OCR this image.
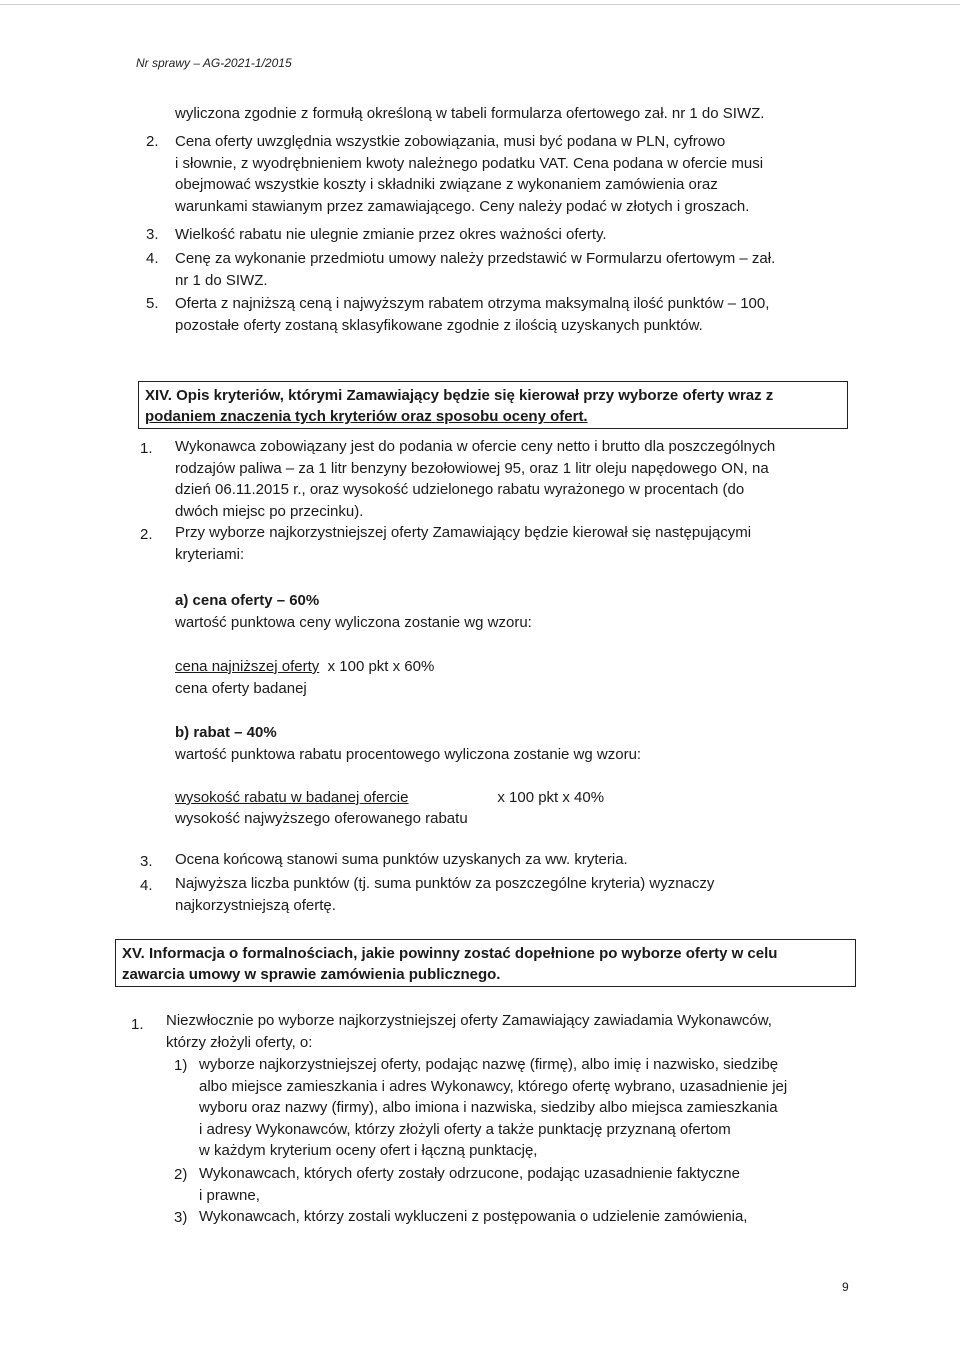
Nr sprawy – AG-2021-1/2015
wyliczona zgodnie z formułą określoną w tabeli formularza ofertowego zał. nr 1 do SIWZ.
2. Cena oferty uwzględnia wszystkie zobowiązania, musi być podana w PLN, cyfrowo
i słownie, z wyodrębnieniem kwoty należnego podatku VAT. Cena podana w ofercie musi
obejmować wszystkie koszty i składniki związane z wykonaniem zamówienia oraz
warunkami stawianym przez zamawiającego. Ceny należy podać w złotych i groszach.
3. Wielkość rabatu nie ulegnie zmianie przez okres ważności oferty.
4. Cenę za wykonanie przedmiotu umowy należy przedstawić w Formularzu ofertowym – zał.
nr 1 do SIWZ.
5. Oferta z najniższą ceną i najwyższym rabatem otrzyma maksymalną ilość punktów – 100,
pozostałe oferty zostaną sklasyfikowane zgodnie z ilością uzyskanych punktów.
XIV. Opis kryteriów, którymi Zamawiający będzie się kierował przy wyborze oferty wraz z
podaniem znaczenia tych kryteriów oraz sposobu oceny ofert.
1. Wykonawca zobowiązany jest do podania w ofercie ceny netto i brutto dla poszczególnych
rodzajów paliwa – za 1 litr benzyny bezołowiowej 95, oraz 1 litr oleju napędowego ON, na
dzień 06.11.2015 r., oraz wysokość udzielonego rabatu wyrażonego w procentach (do
dwóch miejsc po przecinku).
2. Przy wyborze najkorzystniejszej oferty Zamawiający będzie kierował się następującymi
kryteriami:
a) cena oferty – 60%
wartość punktowa ceny wyliczona zostanie wg wzoru:
cena najniższej oferty x 100 pkt x 60%
cena oferty badanej
b) rabat – 40%
wartość punktowa rabatu procentowego wyliczona zostanie wg wzoru:
wysokość rabatu w badanej ofercie	x 100 pkt x 40%
wysokość najwyższego oferowanego rabatu
3. Ocena końcową stanowi suma punktów uzyskanych za ww. kryteria.
4. Najwyższa liczba punktów (tj. suma punktów za poszczególne kryteria) wyznaczy
najkorzystniejszą ofertę.
XV. Informacja o formalnościach, jakie powinny zostać dopełnione po wyborze oferty w celu
zawarcia umowy w sprawie zamówienia publicznego.
1. Niezwłocznie po wyborze najkorzystniejszej oferty Zamawiający zawiadamia Wykonawców,
którzy złożyli oferty, o:
1) wyborze najkorzystniejszej oferty, podając nazwę (firmę), albo imię i nazwisko, siedzibę
albo miejsce zamieszkania i adres Wykonawcy, którego ofertę wybrano, uzasadnienie jej
wyboru oraz nazwy (firmy), albo imiona i nazwiska, siedziby albo miejsca zamieszkania
i adresy Wykonawców, którzy złożyli oferty a także punktację przyznaną ofertom
w każdym kryterium oceny ofert i łączną punktację,
2) Wykonawcach, których oferty zostały odrzucone, podając uzasadnienie faktyczne
i prawne,
3) Wykonawcach, którzy zostali wykluczeni z postępowania o udzielenie zamówienia,
9
